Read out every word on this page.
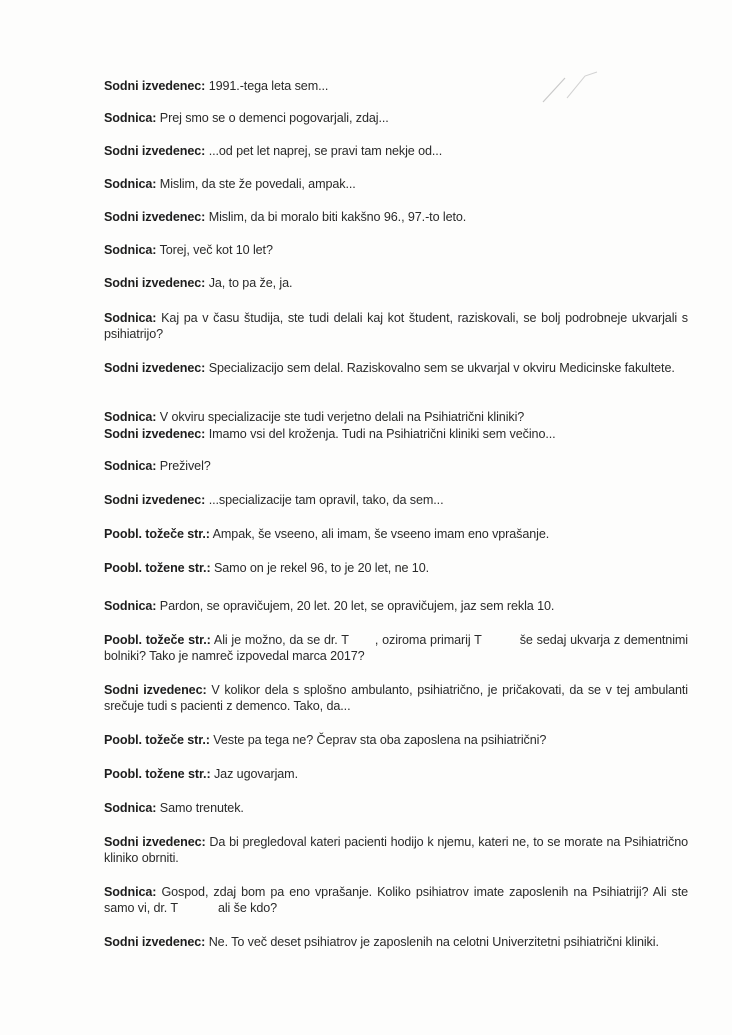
Sodni izvedenec: 1991.-tega leta sem...

Sodnica: Prej smo se o demenci pogovarjali, zdaj...

Sodni izvedenec: ...od pet let naprej, se pravi tam nekje od...

Sodnica: Mislim, da ste že povedali, ampak...

Sodni izvedenec: Mislim, da bi moralo biti kakšno 96., 97.-to leto.

Sodnica: Torej, več kot 10 let?

Sodni izvedenec: Ja, to pa že, ja.

Sodnica: Kaj pa v času študija, ste tudi delali kaj kot študent, raziskovali, se bolj podrobneje ukvarjali s psihiatrijo?

Sodni izvedenec: Specializacijo sem delal. Raziskovalno sem se ukvarjal v okviru Medicinske fakultete.

Sodnica: V okviru specializacije ste tudi verjetno delali na Psihiatrični kliniki?

Sodni izvedenec: Imamo vsi del kroženja. Tudi na Psihiatrični kliniki sem večino...

Sodnica: Preživel?

Sodni izvedenec: ...specializacije tam opravil, tako, da sem...

Poobl. tožeče str.: Ampak, še vseeno, ali imam, še vseeno imam eno vprašanje.

Poobl. tožene str.: Samo on je rekel 96, to je 20 let, ne 10.

Sodnica: Pardon, se opravičujem, 20 let. 20 let, se opravičujem, jaz sem rekla 10.

Poobl. tožeče str.: Ali je možno, da se dr. T , oziroma primarij T	še sedaj ukvarja z dementnimi bolniki? Tako je namreč izpovedal marca 2017?

Sodni izvedenec: V kolikor dela s splošno ambulanto, psihiatrično, je pričakovati, da se v tej ambulanti srečuje tudi s pacienti z demenco. Tako, da...

Poobl. tožeče str.: Veste pa tega ne? Čeprav sta oba zaposlena na psihiatrični?

Poobl. tožene str.: Jaz ugovarjam.

Sodnica: Samo trenutek.

Sodni izvedenec: Da bi pregledoval kateri pacienti hodijo k njemu, kateri ne, to se morate na Psihiatrično kliniko obrniti.

Sodnica: Gospod, zdaj bom pa eno vprašanje. Koliko psihiatrov imate zaposlenih na Psihiatriji? Ali ste samo vi, dr. T	ali še kdo?

Sodni izvedenec: Ne. To več deset psihiatrov je zaposlenih na celotni Univerzitetni psihiatrični kliniki.
